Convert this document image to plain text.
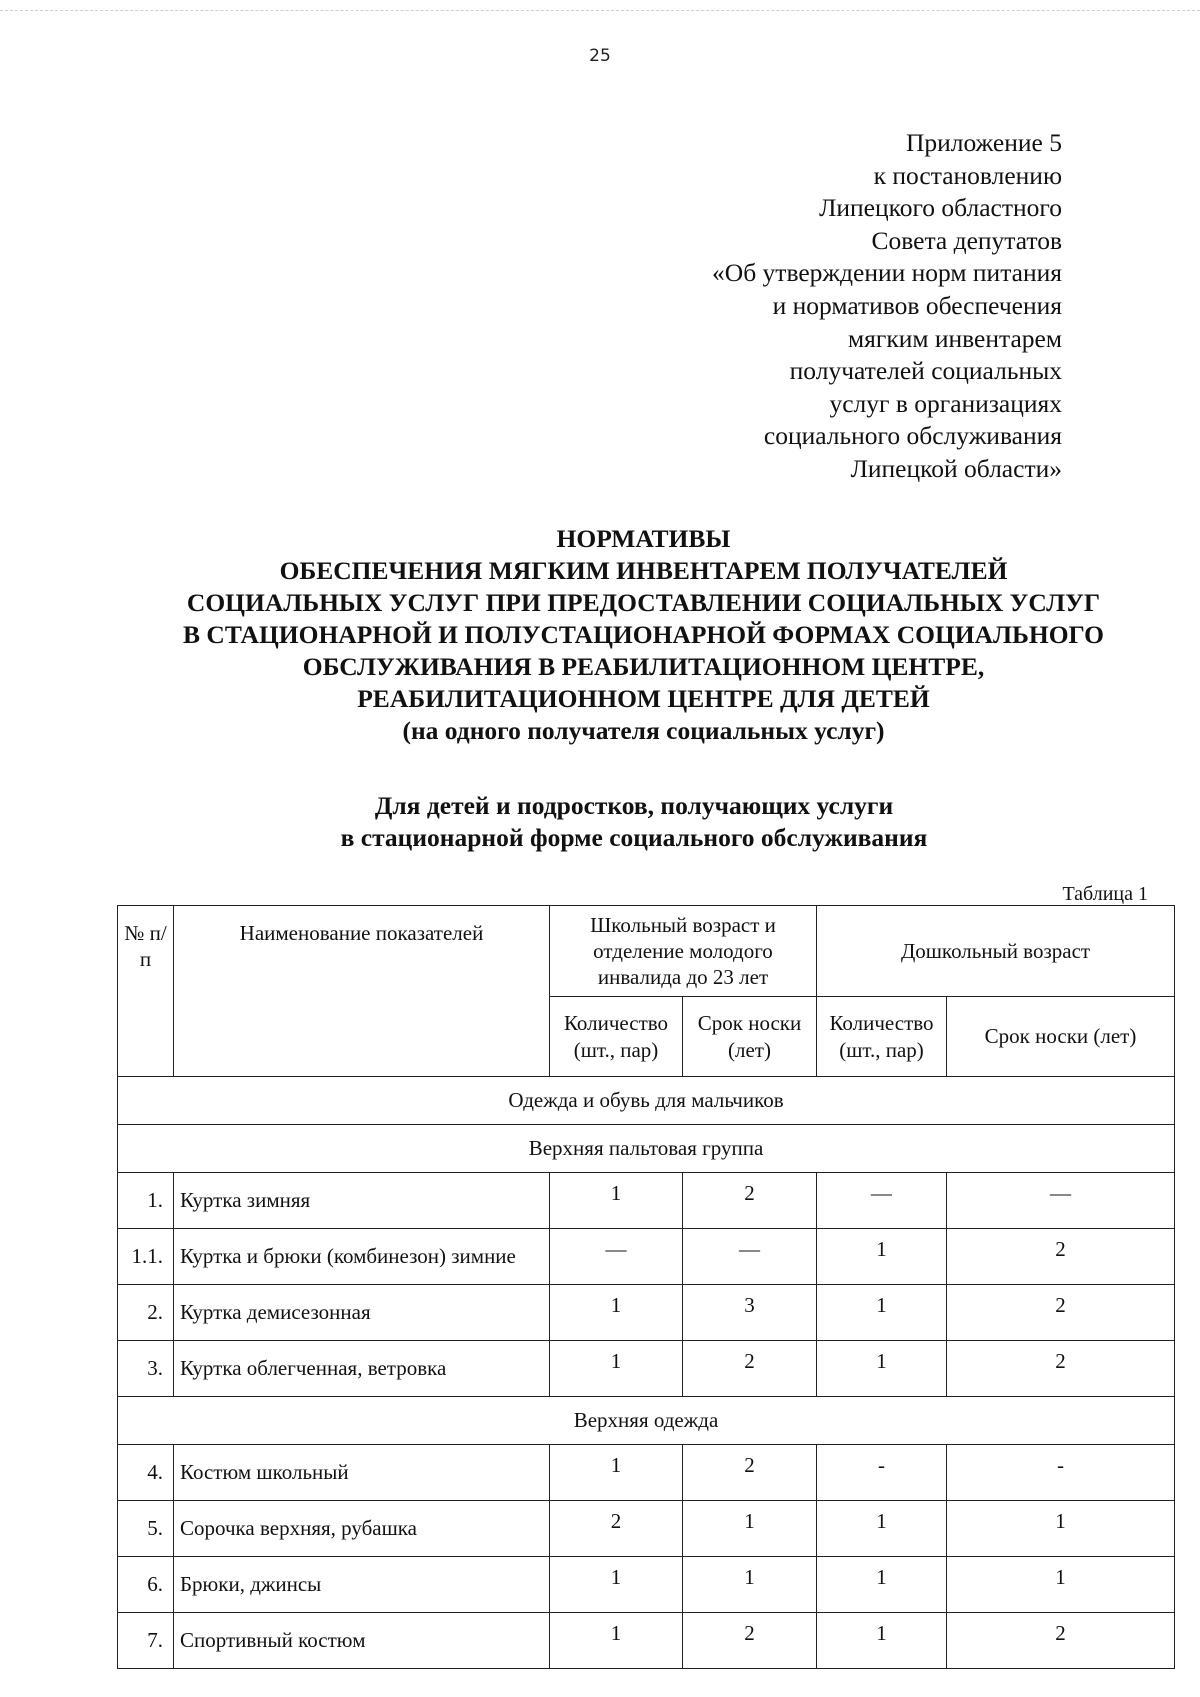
25
Приложение 5
к постановлению
Липецкого областного
Совета депутатов
«Об утверждении норм питания
и нормативов обеспечения
мягким инвентарем
получателей социальных
услуг в организациях
социального обслуживания
Липецкой области»
НОРМАТИВЫ
ОБЕСПЕЧЕНИЯ МЯГКИМ ИНВЕНТАРЕМ ПОЛУЧАТЕЛЕЙ
СОЦИАЛЬНЫХ УСЛУГ ПРИ ПРЕДОСТАВЛЕНИИ СОЦИАЛЬНЫХ УСЛУГ
В СТАЦИОНАРНОЙ И ПОЛУСТАЦИОНАРНОЙ ФОРМАХ СОЦИАЛЬНОГО
ОБСЛУЖИВАНИЯ В РЕАБИЛИТАЦИОННОМ ЦЕНТРЕ,
РЕАБИЛИТАЦИОННОМ ЦЕНТРЕ ДЛЯ ДЕТЕЙ
(на одного получателя социальных услуг)
Для детей и подростков, получающих услуги
в стационарной форме социального обслуживания
Таблица 1
№ п/п	Наименование показателей	Школьный возраст и отделение молодого инвалида до 23 лет		Дошкольный возраст	
		Количество (шт., пар)	Срок носки (лет)	Количество (шт., пар)	Срок носки (лет)
Одежда и обувь для мальчиков					
Верхняя пальтовая группа					
1.	Куртка зимняя	1	2	—	—
1.1.	Куртка и брюки (комбинезон) зимние	—	—	1	2
2.	Куртка демисезонная	1	3	1	2
3.	Куртка облегченная, ветровка	1	2	1	2
Верхняя одежда					
4.	Костюм школьный	1	2	-	-
5.	Сорочка верхняя, рубашка	2	1	1	1
6.	Брюки, джинсы	1	1	1	1
7.	Спортивный костюм	1	2	1	2
